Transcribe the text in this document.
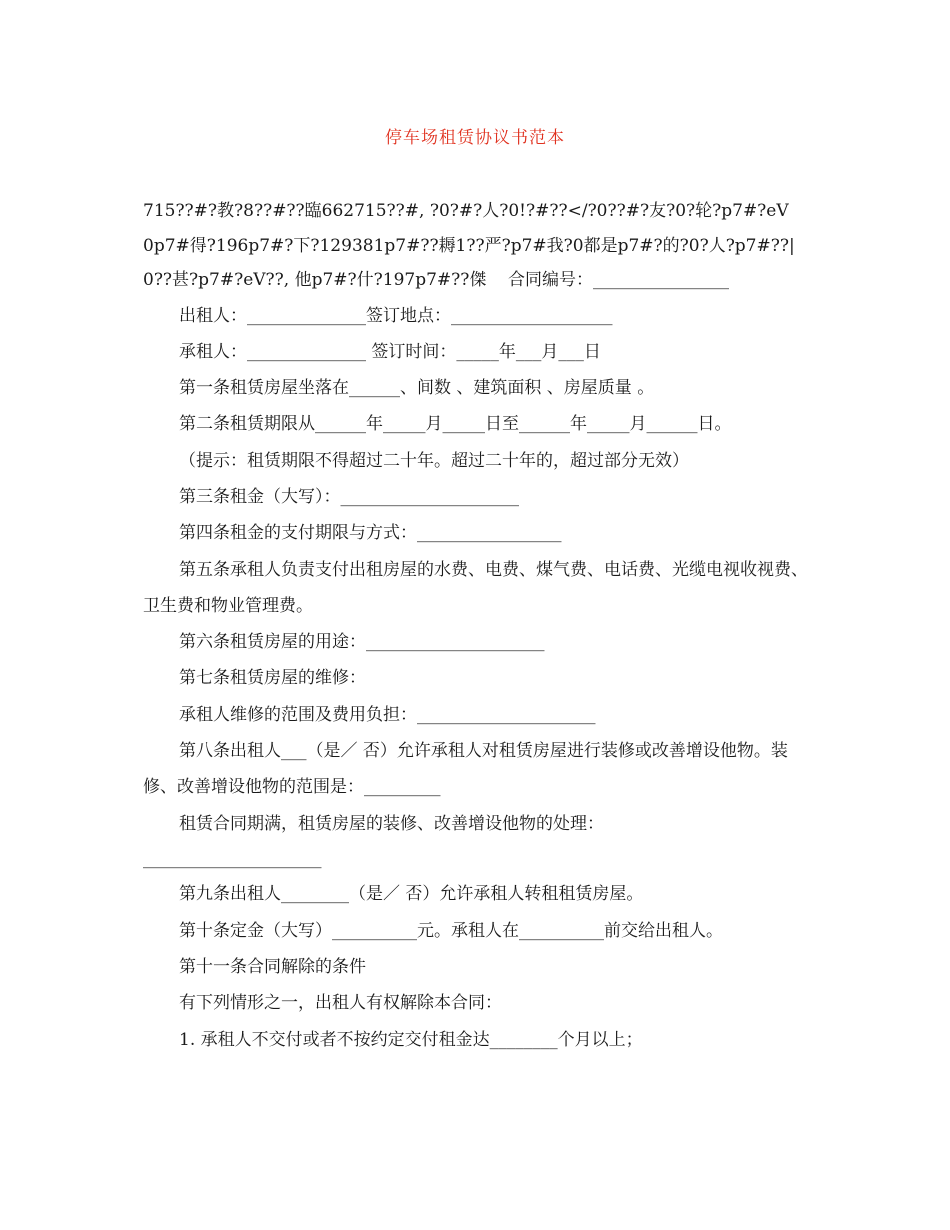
停车场租赁协议书范本

715??#?教?8??#??臨662715??#, ?0?#?人?0!?#??</?0??#?友?0?轮?p7#?eV  0p7#得?196p7#?下?129381p7#??耨1??严?p7#我?0都是p7#?的?0?人?p7#??| 0??甚?p7#?eV??, 他p7#?什?197p7#??傑    合同编号：________________

出租人：______________签订地点：___________________

承租人：______________ 签订时间：_____年___月___日

第一条租赁房屋坐落在______、间数 、建筑面积 、房屋质量 。

第二条租赁期限从______年_____月_____日至______年_____月______日。

（提示：租赁期限不得超过二十年。超过二十年的，超过部分无效）

第三条租金（大写）：_____________________

第四条租金的支付期限与方式：_________________

第五条承租人负责支付出租房屋的水费、电费、煤气费、电话费、光缆电视收视费、卫生费和物业管理费。

第六条租赁房屋的用途：_____________________

第七条租赁房屋的维修：

承租人维修的范围及费用负担：_____________________

第八条出租人___（是／ 否）允许承租人对租赁房屋进行装修或改善增设他物。装修、改善增设他物的范围是：_________

租赁合同期满，租赁房屋的装修、改善增设他物的处理：

_____________________

第九条出租人________（是／ 否）允许承租人转租租赁房屋。

第十条定金（大写）__________元。承租人在__________前交给出租人。

第十一条合同解除的条件

有下列情形之一，出租人有权解除本合同：

1. 承租人不交付或者不按约定交付租金达________个月以上；
